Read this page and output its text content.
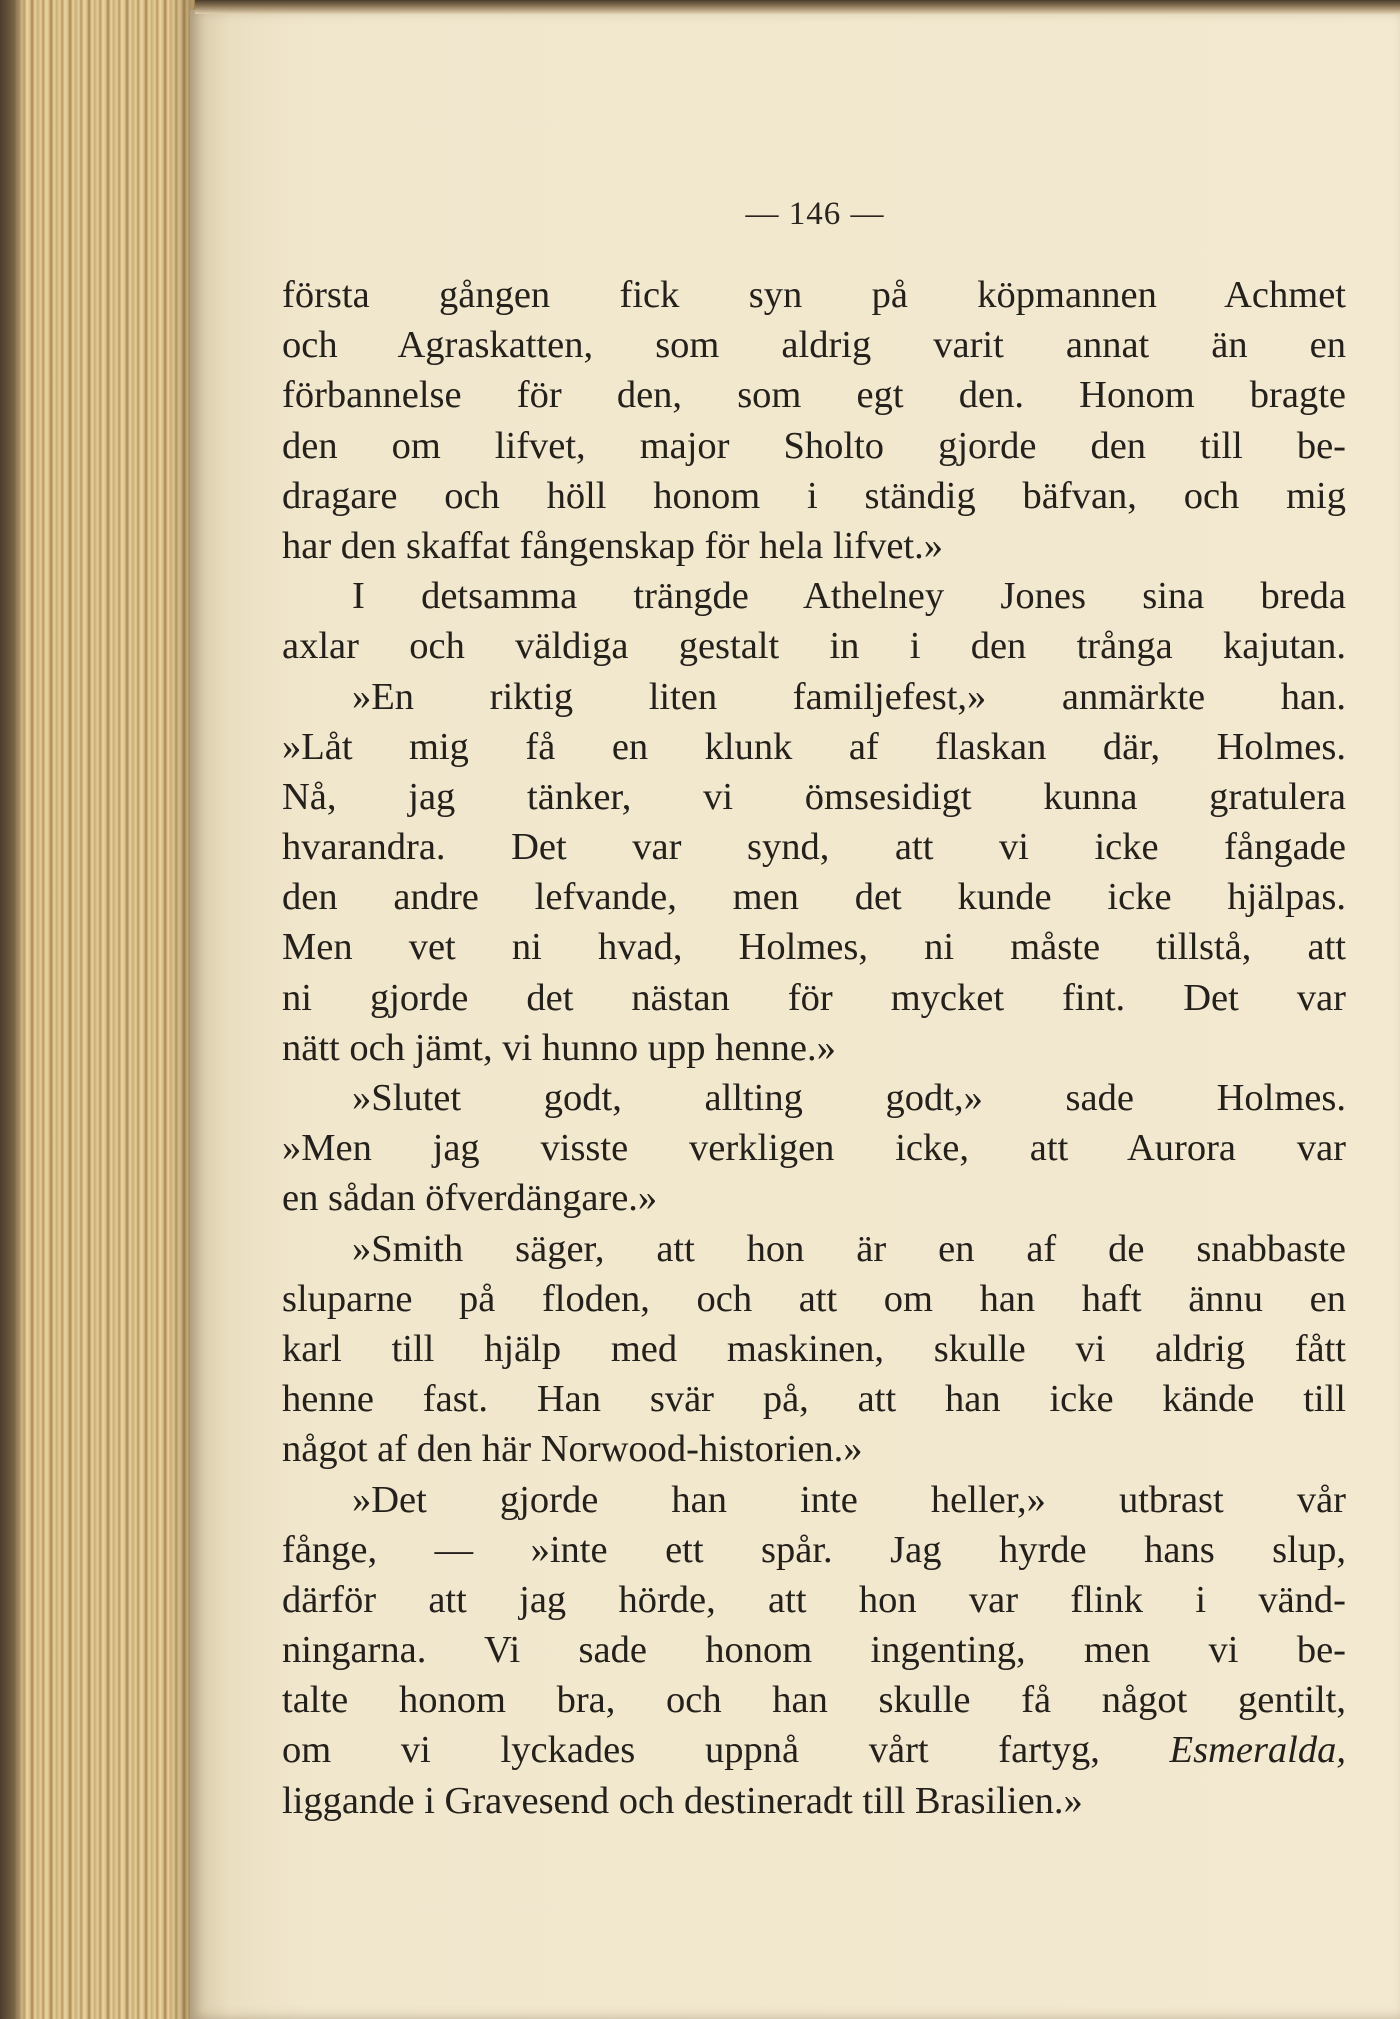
— 146 —
första gången fick syn på köpmannen Achmet
och Agraskatten, som aldrig varit annat än en
förbannelse för den, som egt den. Honom bragte
den om lifvet, major Sholto gjorde den till be-
dragare och höll honom i ständig bäfvan, och mig
har den skaffat fångenskap för hela lifvet.»
I detsamma trängde Athelney Jones sina breda
axlar och väldiga gestalt in i den trånga kajutan.
»En riktig liten familjefest,» anmärkte han.
»Låt mig få en klunk af flaskan där, Holmes.
Nå, jag tänker, vi ömsesidigt kunna gratulera
hvarandra. Det var synd, att vi icke fångade
den andre lefvande, men det kunde icke hjälpas.
Men vet ni hvad, Holmes, ni måste tillstå, att
ni gjorde det nästan för mycket fint. Det var
nätt och jämt, vi hunno upp henne.»
»Slutet godt, allting godt,» sade Holmes.
»Men jag visste verkligen icke, att Aurora var
en sådan öfverdängare.»
»Smith säger, att hon är en af de snabbaste
sluparne på floden, och att om han haft ännu en
karl till hjälp med maskinen, skulle vi aldrig fått
henne fast. Han svär på, att han icke kände till
något af den här Norwood-historien.»
»Det gjorde han inte heller,» utbrast vår
fånge, — »inte ett spår. Jag hyrde hans slup,
därför att jag hörde, att hon var flink i vänd-
ningarna. Vi sade honom ingenting, men vi be-
talte honom bra, och han skulle få något gentilt,
om vi lyckades uppnå vårt fartyg, Esmeralda,
liggande i Gravesend och destineradt till Brasilien.»
